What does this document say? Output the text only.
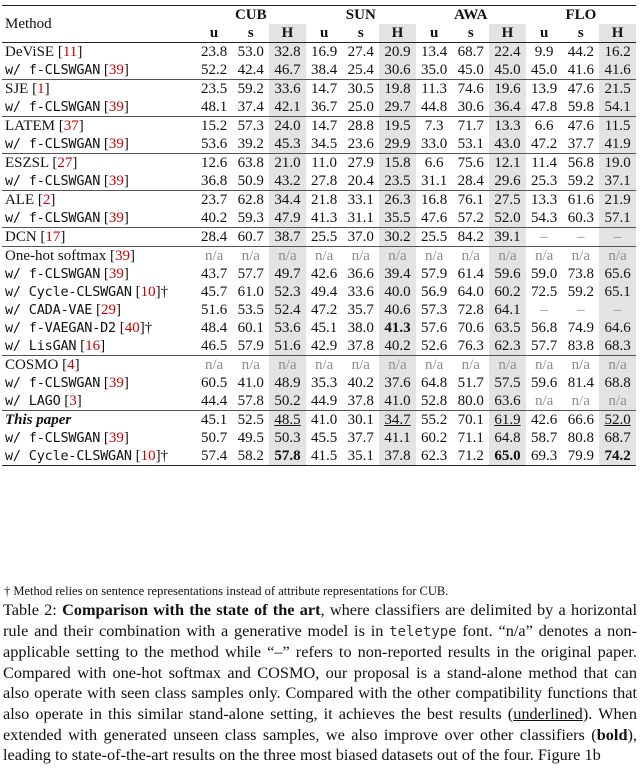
Method	CUB			SUN			AWA			FLO		
	u	s	H	u	s	H	u	s	H	u	s	H
DeViSE [11]	23.8	53.0	32.8	16.9	27.4	20.9	13.4	68.7	22.4	9.9	44.2	16.2
w/ f-CLSWGAN [39]	52.2	42.4	46.7	38.4	25.4	30.6	35.0	45.0	45.0	45.0	41.6	41.6
SJE [1]	23.5	59.2	33.6	14.7	30.5	19.8	11.3	74.6	19.6	13.9	47.6	21.5
w/ f-CLSWGAN [39]	48.1	37.4	42.1	36.7	25.0	29.7	44.8	30.6	36.4	47.8	59.8	54.1
LATEM [37]	15.2	57.3	24.0	14.7	28.8	19.5	7.3	71.7	13.3	6.6	47.6	11.5
w/ f-CLSWGAN [39]	53.6	39.2	45.3	34.5	23.6	29.9	33.0	53.1	43.0	47.2	37.7	41.9
ESZSL [27]	12.6	63.8	21.0	11.0	27.9	15.8	6.6	75.6	12.1	11.4	56.8	19.0
w/ f-CLSWGAN [39]	36.8	50.9	43.2	27.8	20.4	23.5	31.1	28.4	29.6	25.3	59.2	37.1
ALE [2]	23.7	62.8	34.4	21.8	33.1	26.3	16.8	76.1	27.5	13.3	61.6	21.9
w/ f-CLSWGAN [39]	40.2	59.3	47.9	41.3	31.1	35.5	47.6	57.2	52.0	54.3	60.3	57.1
DCN [17]	28.4	60.7	38.7	25.5	37.0	30.2	25.5	84.2	39.1	–	–	–
One-hot softmax [39]	n/a	n/a	n/a	n/a	n/a	n/a	n/a	n/a	n/a	n/a	n/a	n/a
w/ f-CLSWGAN [39]	43.7	57.7	49.7	42.6	36.6	39.4	57.9	61.4	59.6	59.0	73.8	65.6
w/ Cycle-CLSWGAN [10]†	45.7	61.0	52.3	49.4	33.6	40.0	56.9	64.0	60.2	72.5	59.2	65.1
w/ CADA-VAE [29]	51.6	53.5	52.4	47.2	35.7	40.6	57.3	72.8	64.1	–	–	–
w/ f-VAEGAN-D2 [40]†	48.4	60.1	53.6	45.1	38.0	41.3	57.6	70.6	63.5	56.8	74.9	64.6
w/ LisGAN [16]	46.5	57.9	51.6	42.9	37.8	40.2	52.6	76.3	62.3	57.7	83.8	68.3
COSMO [4]	n/a	n/a	n/a	n/a	n/a	n/a	n/a	n/a	n/a	n/a	n/a	n/a
w/ f-CLSWGAN [39]	60.5	41.0	48.9	35.3	40.2	37.6	64.8	51.7	57.5	59.6	81.4	68.8
w/ LAGO [3]	44.4	57.8	50.2	44.9	37.8	41.0	52.8	80.0	63.6	n/a	n/a	n/a
This paper	45.1	52.5	48.5	41.0	30.1	34.7	55.2	70.1	61.9	42.6	66.6	52.0
w/ f-CLSWGAN [39]	50.7	49.5	50.3	45.5	37.7	41.1	60.2	71.1	64.8	58.7	80.8	68.7
w/ Cycle-CLSWGAN [10]†	57.4	58.2	57.8	41.5	35.1	37.8	62.3	71.2	65.0	69.3	79.9	74.2
† Method relies on sentence representations instead of attribute representations for CUB.
Table 2: Comparison with the state of the art, where classifiers are delimited by a horizontal rule and their combination with a generative model is in teletype font. “n/a” denotes a non-applicable setting to the method while “–” refers to non-reported results in the original paper. Compared with one-hot softmax and COSMO, our proposal is a stand-alone method that can also operate with seen class samples only. Compared with the other compatibility functions that also operate in this similar stand-alone setting, it achieves the best results (underlined). When extended with generated unseen class samples, we also improve over other classifiers (bold), leading to state-of-the-art results on the three most biased datasets out of the four. Figure 1b
